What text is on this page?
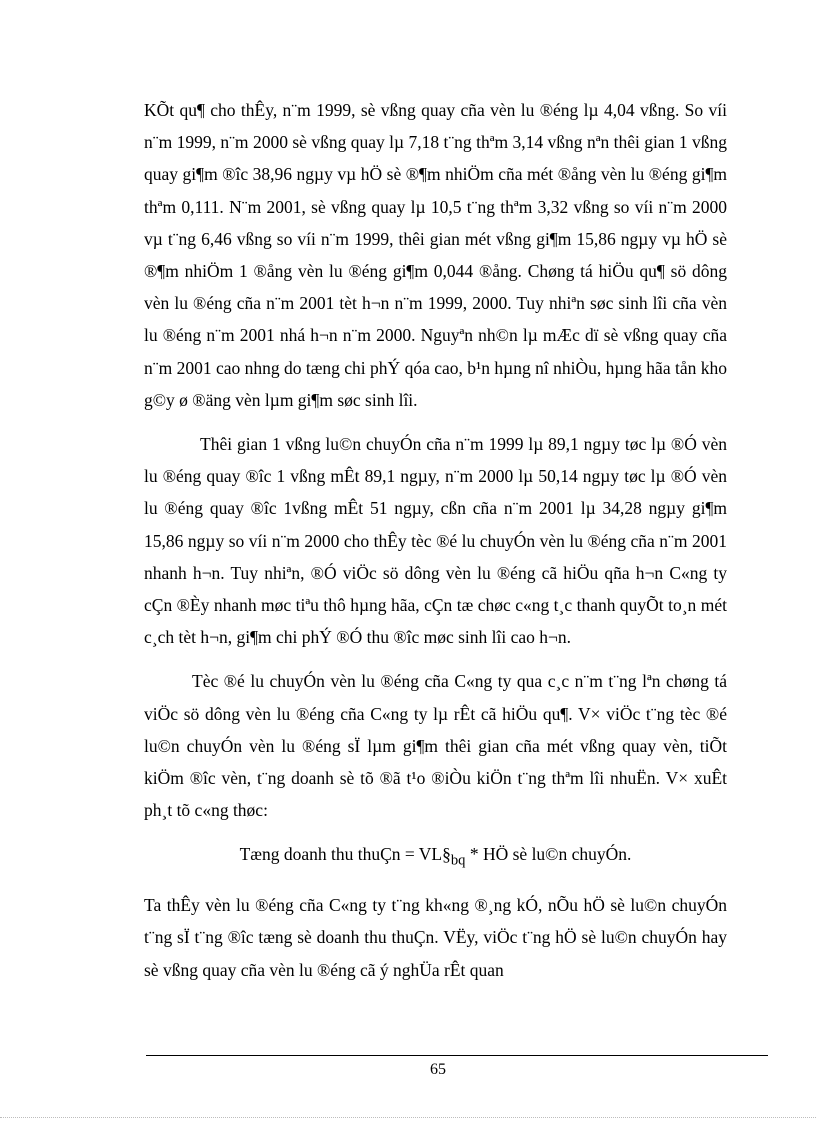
KÕt qu¶ cho thÊy, n¨m 1999, sè vßng quay cña vèn lu ®éng lµ 4,04 vßng. So víi n¨m 1999, n¨m 2000 sè vßng quay lµ 7,18 t¨ng thªm 3,14 vßng nªn thêi gian 1 vßng quay gi¶m ®îc 38,96 ngµy vµ hÖ sè ®¶m nhiÖm cña mét ®ång vèn lu ®éng gi¶m thªm 0,111. N¨m 2001, sè vßng quay lµ 10,5 t¨ng thªm 3,32 vßng so víi n¨m 2000 vµ t¨ng 6,46 vßng so víi n¨m 1999, thêi gian mét vßng gi¶m 15,86 ngµy vµ hÖ sè ®¶m nhiÖm 1 ®ång vèn lu ®éng gi¶m 0,044 ®ång. Chøng tá hiÖu qu¶ sö dông vèn lu ®éng cña n¨m 2001 tèt h¬n n¨m 1999, 2000. Tuy nhiªn søc sinh lîi cña vèn lu ®éng n¨m 2001 nhá h¬n n¨m 2000. Nguyªn nh©n lµ mÆc dï sè vßng quay cña n¨m 2001 cao nhng do tæng chi phÝ qóa cao, b¹n hµng nî nhiÒu, hµng hãa tån kho g©y ø ®äng vèn lµm gi¶m søc sinh lîi.

Thêi gian 1 vßng lu©n chuyÓn cña n¨m 1999 lµ 89,1 ngµy tøc lµ ®Ó vèn lu ®éng quay ®îc 1 vßng mÊt 89,1 ngµy, n¨m 2000 lµ 50,14 ngµy tøc lµ ®Ó vèn lu ®éng quay ®îc 1vßng mÊt 51 ngµy, cßn cña n¨m 2001 lµ 34,28 ngµy gi¶m 15,86 ngµy so víi n¨m 2000 cho thÊy tèc ®é lu chuyÓn vèn lu ®éng cña n¨m 2001 nhanh h¬n. Tuy nhiªn, ®Ó viÖc sö dông vèn lu ®éng cã hiÖu qña h¬n C«ng ty cÇn ®Èy nhanh møc tiªu thô hµng hãa, cÇn tæ chøc c«ng t¸c thanh quyÕt to¸n mét c¸ch tèt h¬n, gi¶m chi phÝ ®Ó thu ®îc møc sinh lîi cao h¬n.

Tèc ®é lu chuyÓn vèn lu ®éng cña C«ng ty qua c¸c n¨m t¨ng lªn chøng tá viÖc sö dông vèn lu ®éng cña C«ng ty lµ rÊt cã hiÖu qu¶. V× viÖc t¨ng tèc ®é lu©n chuyÓn vèn lu ®éng sÏ lµm gi¶m thêi gian cña mét vßng quay vèn, tiÕt kiÖm ®îc vèn, t¨ng doanh sè tõ ®ã t¹o ®iÒu kiÖn t¨ng thªm lîi nhuËn. V× xuÊt ph¸t tõ c«ng thøc:

Tæng doanh thu thuÇn = $VL\S_{bq}$ * HÖ sè lu©n chuyÓn.

Ta thÊy vèn lu ®éng cña C«ng ty t¨ng kh«ng ®¸ng kÓ, nÕu hÖ sè lu©n chuyÓn t¨ng sÏ t¨ng ®îc tæng sè doanh thu thuÇn. VËy, viÖc t¨ng hÖ sè lu©n chuyÓn hay sè vßng quay cña vèn lu ®éng cã ý nghÜa rÊt quan

65
